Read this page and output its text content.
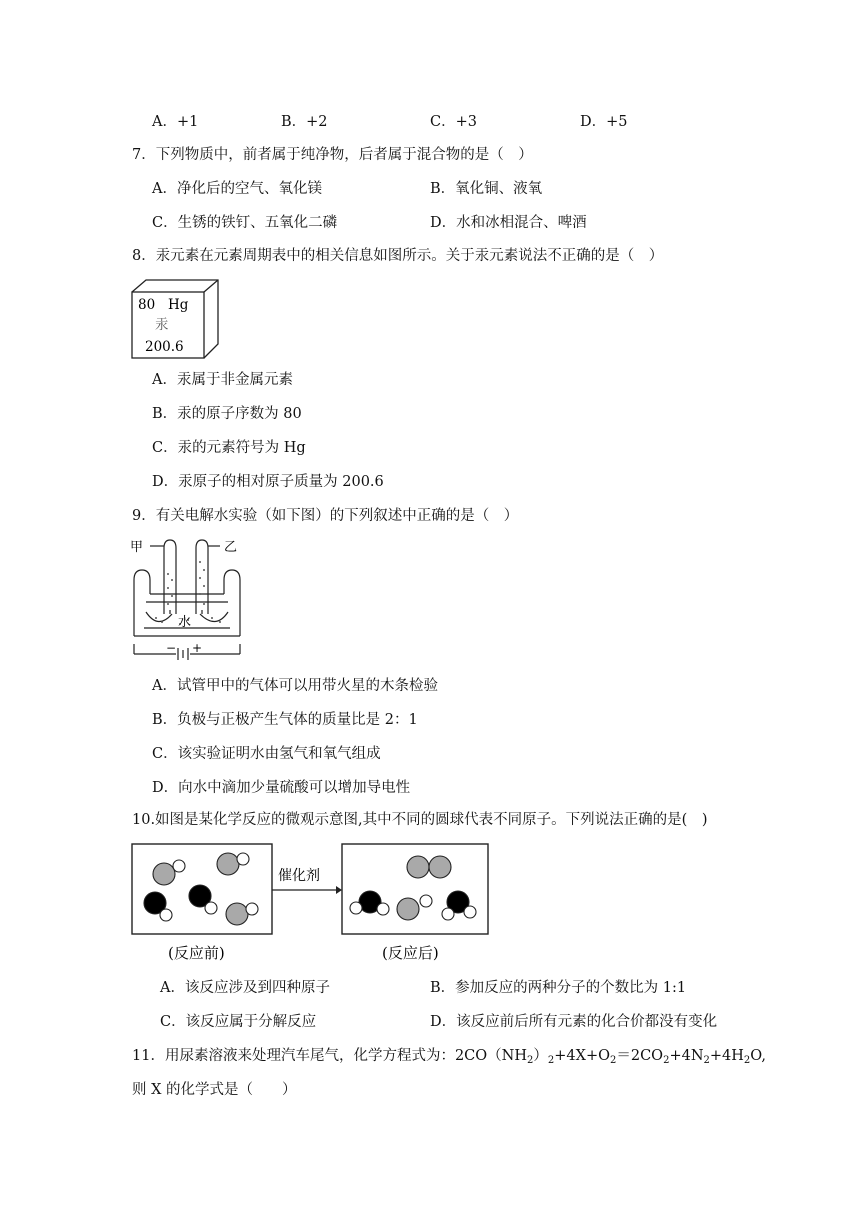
A．+1	B．+2	C．+3	D．+5
7．下列物质中，前者属于纯净物，后者属于混合物的是（　）
A．净化后的空气、氧化镁	B．氧化铜、液氧
C．生锈的铁钉、五氧化二磷	D．水和冰相混合、啤酒
8．汞元素在元素周期表中的相关信息如图所示。关于汞元素说法不正确的是（　）
80 Hg
汞
200.6
A．汞属于非金属元素
B．汞的原子序数为 80
C．汞的元素符号为 Hg
D．汞原子的相对原子质量为 200.6
9．有关电解水实验（如下图）的下列叙述中正确的是（　）
甲	乙
水
− +
A．试管甲中的气体可以用带火星的木条检验
B．负极与正极产生气体的质量比是 2：1
C．该实验证明水由氢气和氧气组成
D．向水中滴加少量硫酸可以增加导电性
10.如图是某化学反应的微观示意图,其中不同的圆球代表不同原子。下列说法正确的是(　)
催化剂
(反应前)	(反应后)
A．该反应涉及到四种原子	B．参加反应的两种分子的个数比为 1:1
C．该反应属于分解反应	D．该反应前后所有元素的化合价都没有变化
11．用尿素溶液来处理汽车尾气，化学方程式为：$2CO(NH_2)_2+4X+O_2=2CO_2+4N_2+4H_2O$,
则 X 的化学式是（　　）
